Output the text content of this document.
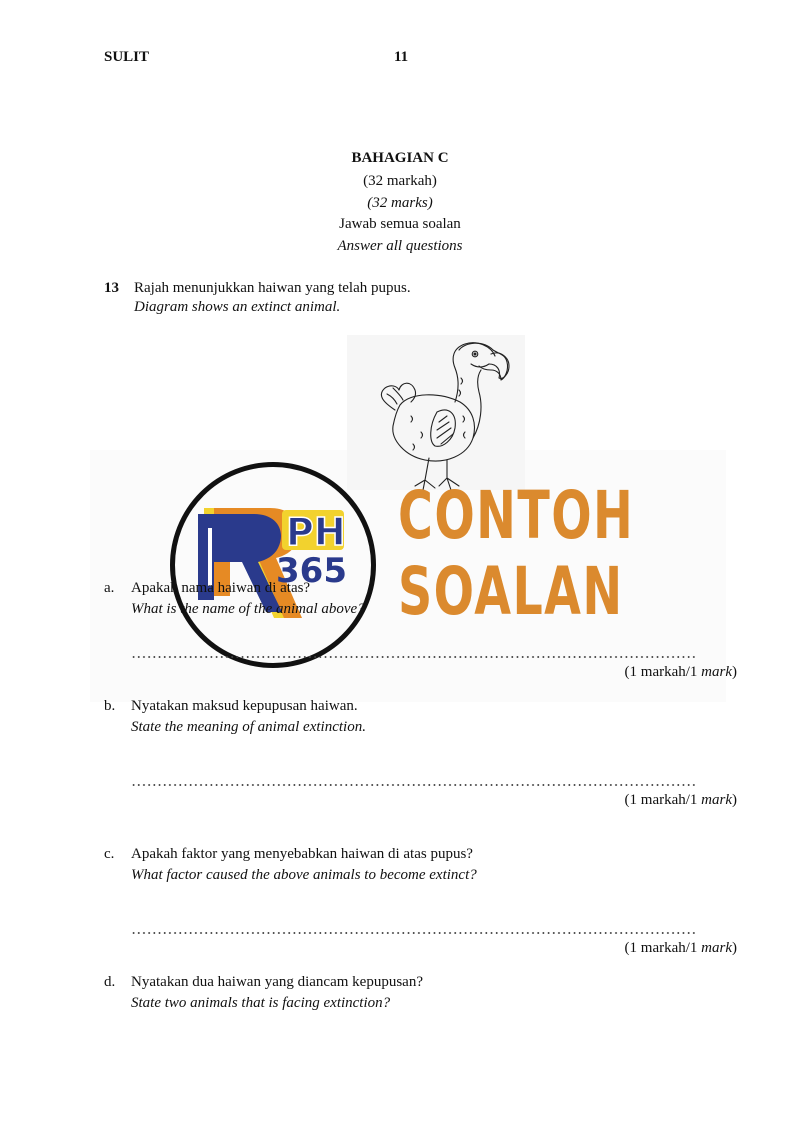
SULIT	11
BAHAGIAN C
(32 markah)
(32 marks)
Jawab semua soalan
Answer all questions
13 Rajah menunjukkan haiwan yang telah pupus.
Diagram shows an extinct animal.
PH
365
CONTOH
SOALAN
a. Apakah nama haiwan di atas?
What is the name of the animal above?
(1 markah/1 mark)
b. Nyatakan maksud kepupusan haiwan.
State the meaning of animal extinction.
(1 markah/1 mark)
c. Apakah faktor yang menyebabkan haiwan di atas pupus?
What factor caused the above animals to become extinct?
(1 markah/1 mark)
d. Nyatakan dua haiwan yang diancam kepupusan?
State two animals that is facing extinction?
